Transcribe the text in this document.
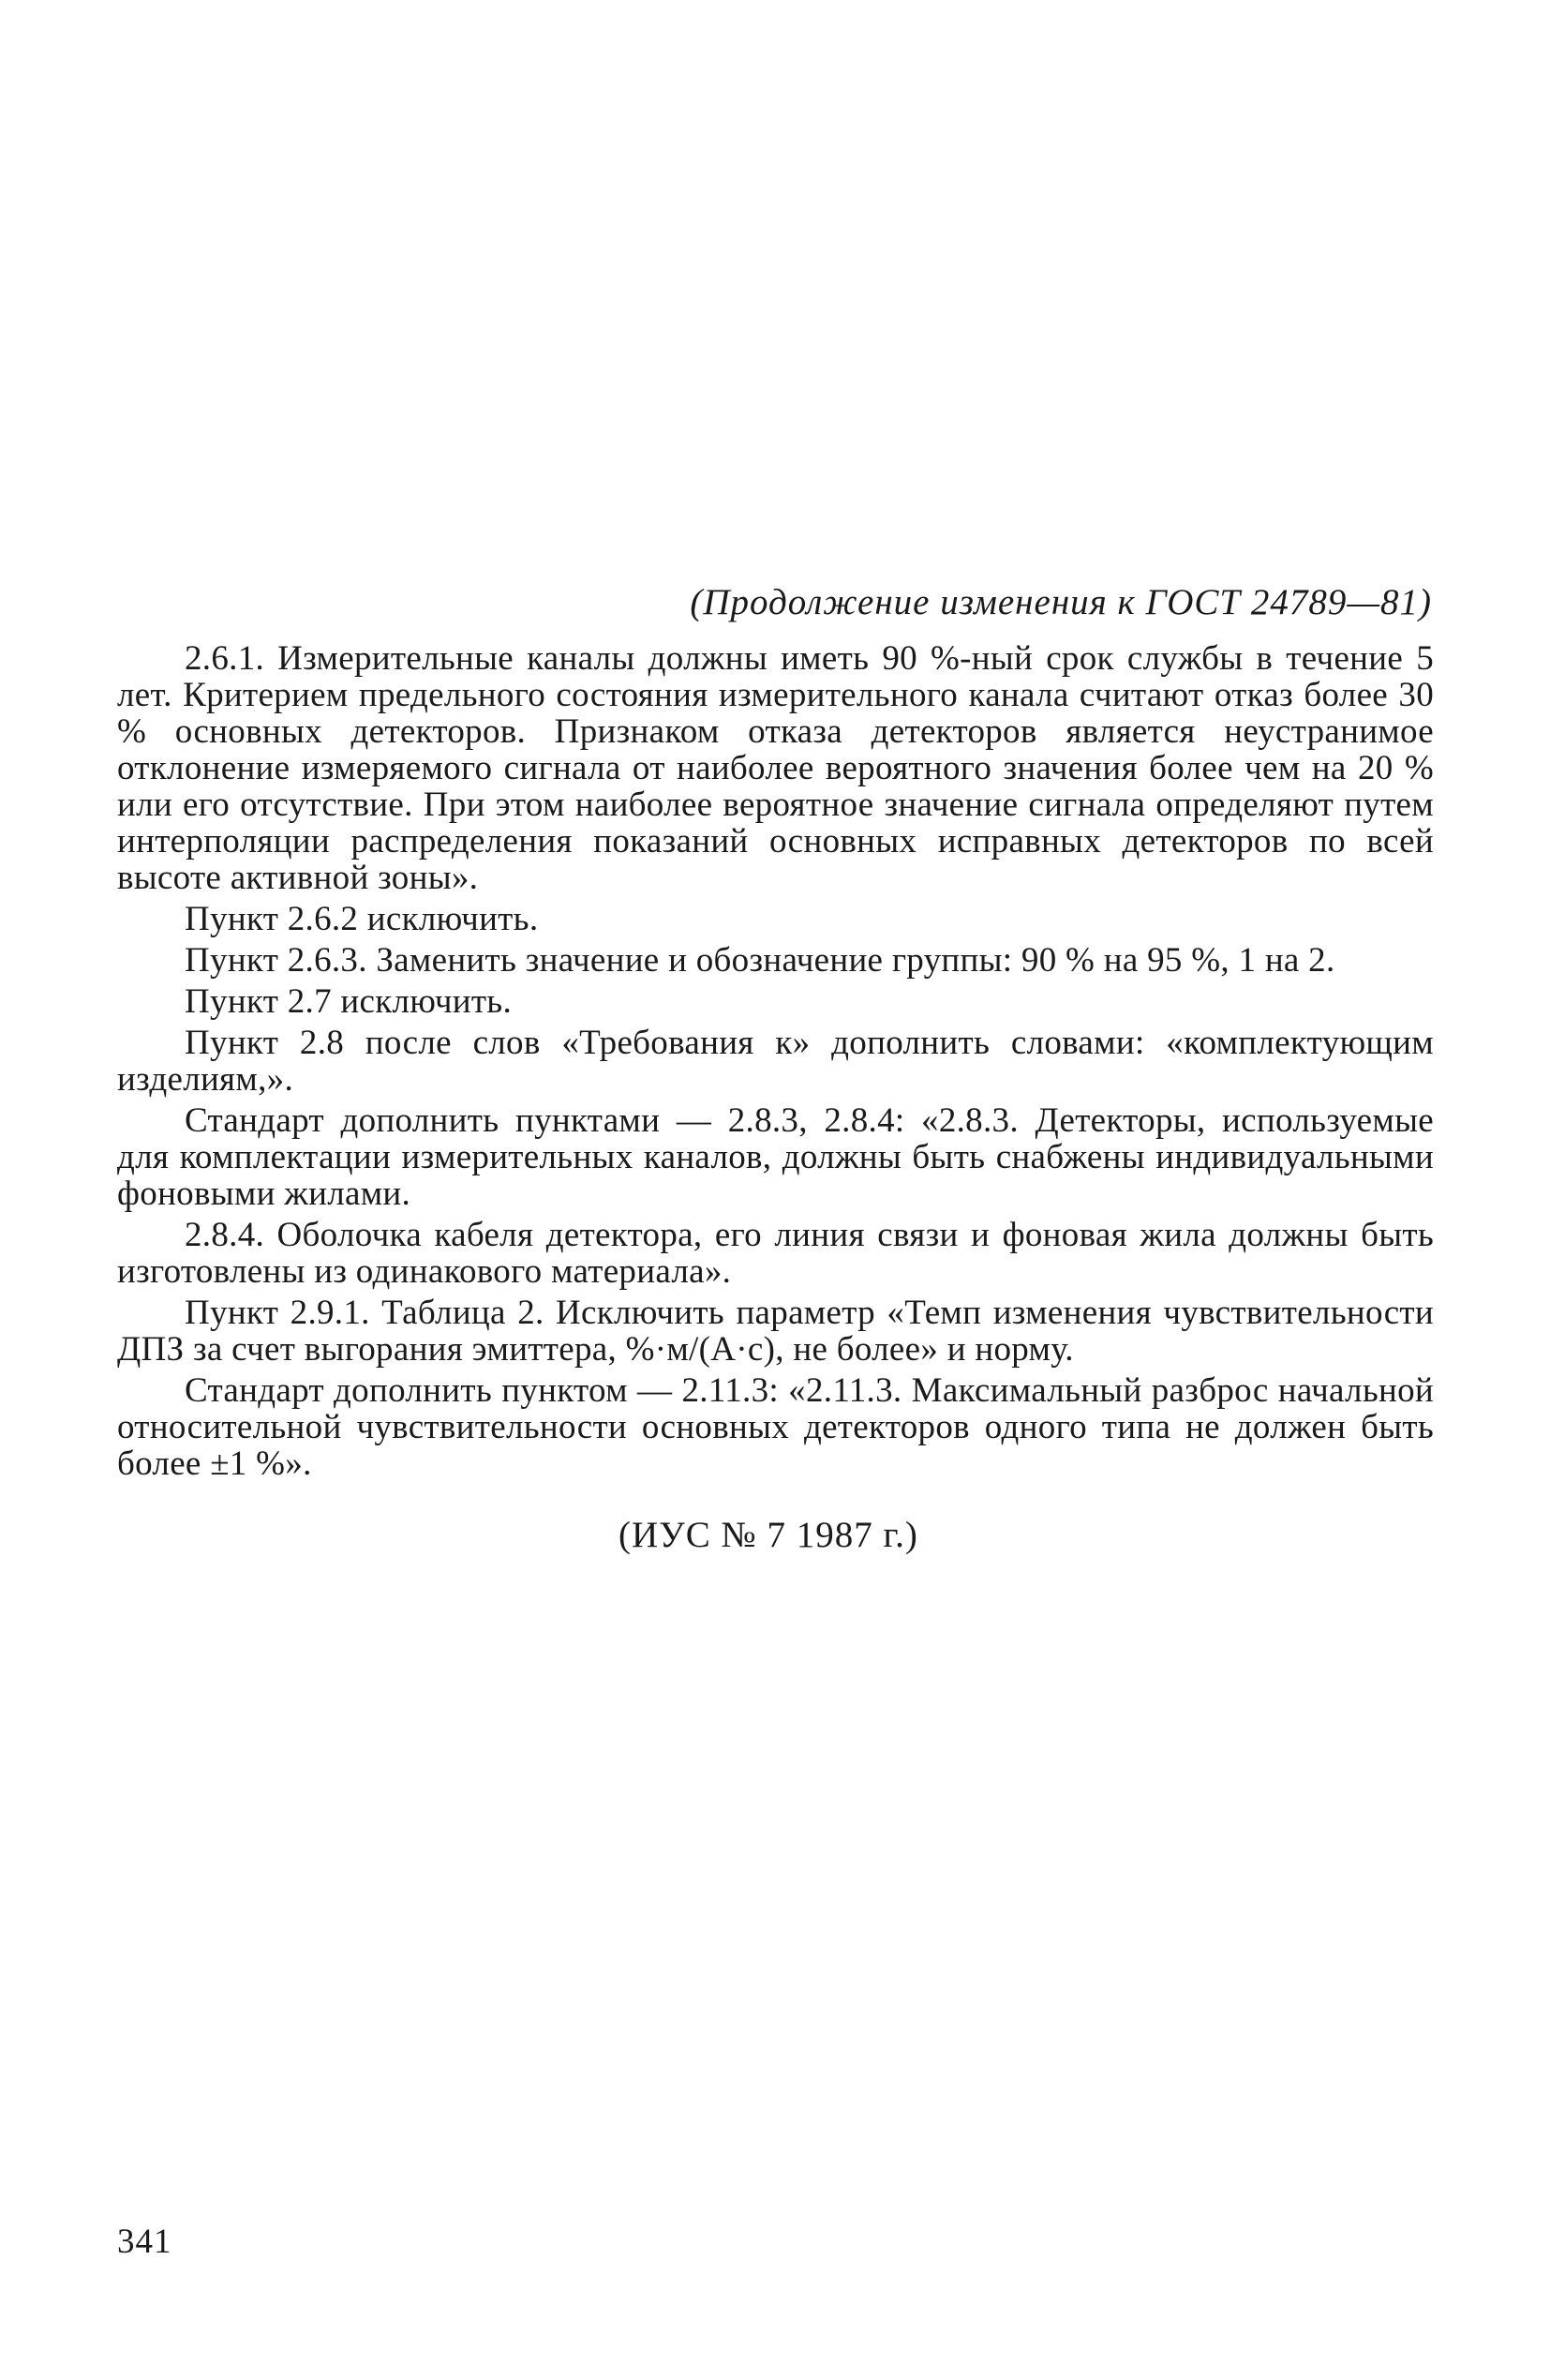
(Продолжение изменения к ГОСТ 24789—81)

2.6.1. Измерительные каналы должны иметь 90 %-ный срок службы в течение 5 лет. Критерием предельного состояния измерительного канала считают отказ более 30 % основных детекторов. Признаком отказа детекторов является неустранимое отклонение измеряемого сигнала от наиболее вероятного значения более чем на 20 % или его отсутствие. При этом наиболее вероятное значение сигнала определяют путем интерполяции распределения показаний основных исправных детекторов по всей высоте активной зоны».

Пункт 2.6.2 исключить.

Пункт 2.6.3. Заменить значение и обозначение группы: 90 % на 95 %, 1 на 2.

Пункт 2.7 исключить.

Пункт 2.8 после слов «Требования к» дополнить словами: «комплектующим изделиям,».

Стандарт дополнить пунктами — 2.8.3, 2.8.4: «2.8.3. Детекторы, используемые для комплектации измерительных каналов, должны быть снабжены индивидуальными фоновыми жилами.

2.8.4. Оболочка кабеля детектора, его линия связи и фоновая жила должны быть изготовлены из одинакового материала».

Пункт 2.9.1. Таблица 2. Исключить параметр «Темп изменения чувствительности ДПЗ за счет выгорания эмиттера, %·м/(А·с), не более» и норму.

Стандарт дополнить пунктом — 2.11.3: «2.11.3. Максимальный разброс начальной относительной чувствительности основных детекторов одного типа не должен быть более ±1 %».

(ИУС № 7 1987 г.)
341
